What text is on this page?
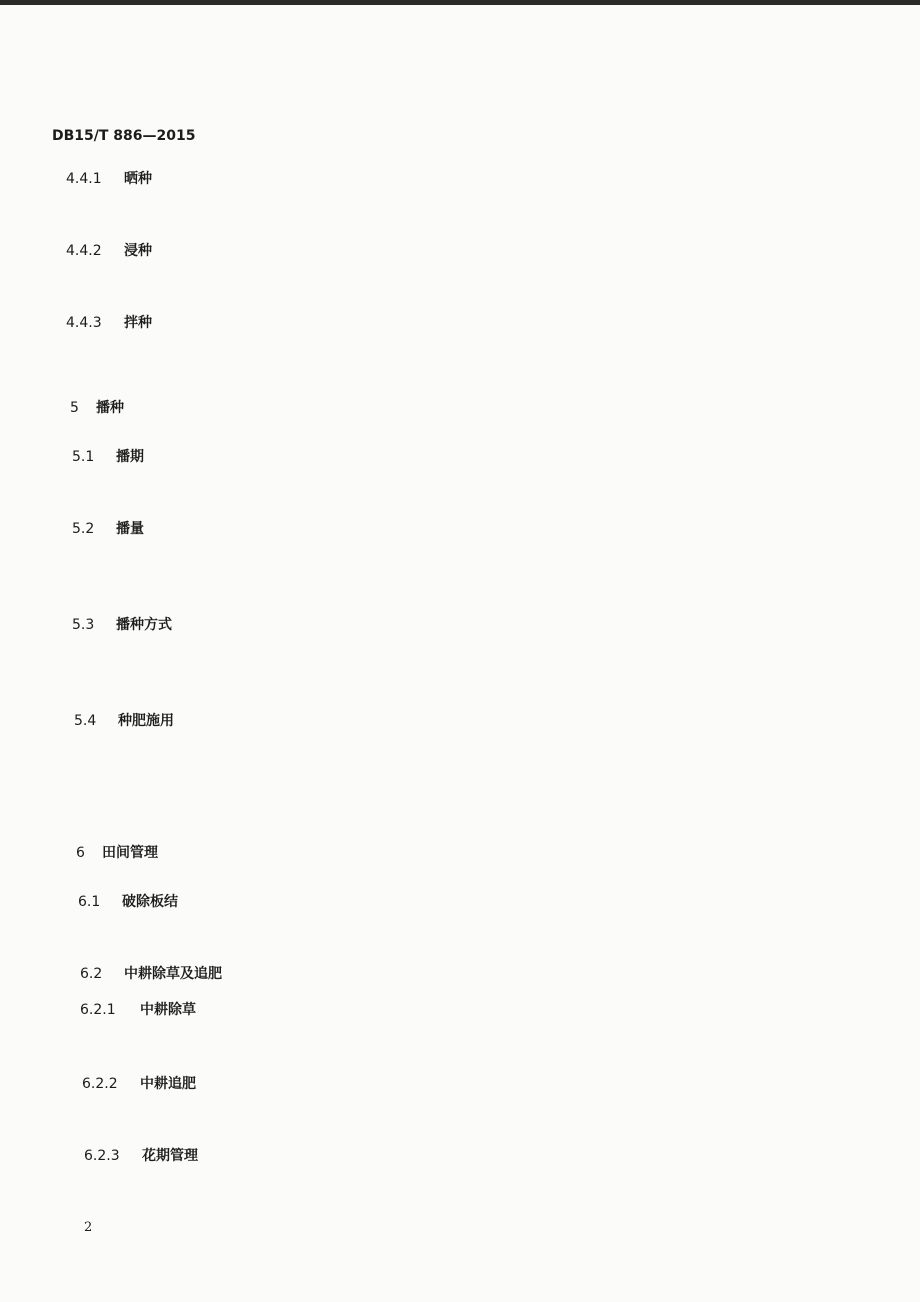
DB15/T 886—2015
4.4.1 晒种
4.4.2 浸种
4.4.3 拌种
5 播种
5.1 播期
5.2 播量
5.3 播种方式
5.4 种肥施用
6 田间管理
6.1 破除板结
6.2 中耕除草及追肥
6.2.1 中耕除草
6.2.2 中耕追肥
6.2.3 花期管理
2
